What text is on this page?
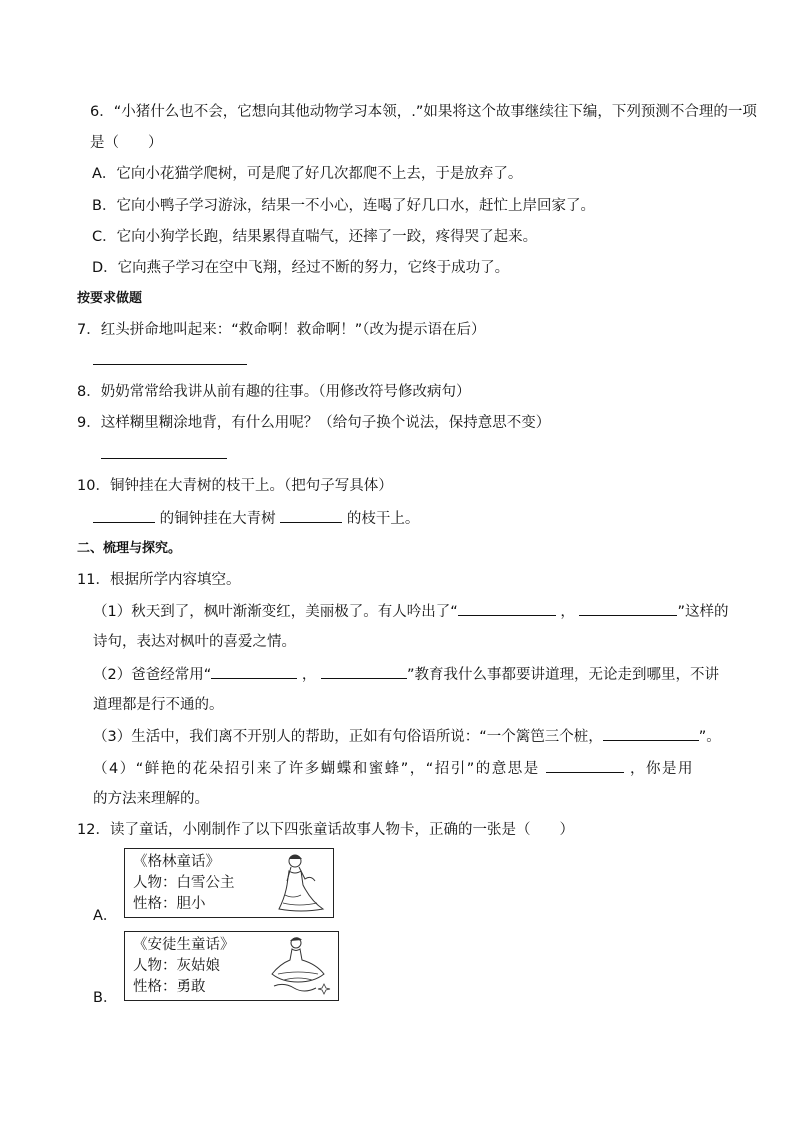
6．“小猪什么也不会，它想向其他动物学习本领，.”如果将这个故事继续往下编，下列预测不合理的一项
是（　　）
A．它向小花猫学爬树，可是爬了好几次都爬不上去，于是放弃了。
B．它向小鸭子学习游泳，结果一不小心，连喝了好几口水，赶忙上岸回家了。
C．它向小狗学长跑，结果累得直喘气，还摔了一跤，疼得哭了起来。
D．它向燕子学习在空中飞翔，经过不断的努力，它终于成功了。
按要求做题
7．红头拼命地叫起来：“救命啊！救命啊！”（改为提示语在后）
8．奶奶常常给我讲从前有趣的往事。（用修改符号修改病句）
9．这样糊里糊涂地背，有什么用呢？（给句子换个说法，保持意思不变）
10．铜钟挂在大青树的枝干上。（把句子写具体）
的铜钟挂在大青树	的枝干上。
二、梳理与探究。
11．根据所学内容填空。
（1）秋天到了，枫叶渐渐变红，美丽极了。有人吟出了“	，	”这样的
诗句，表达对枫叶的喜爱之情。
（2）爸爸经常用“	，	”教育我什么事都要讲道理，无论走到哪里，不讲
道理都是行不通的。
（3）生活中，我们离不开别人的帮助，正如有句俗语所说：“一个篱笆三个桩，	”。
（4）“鲜艳的花朵招引来了许多蝴蝶和蜜蜂”，“招引”的意思是	，你是用
的方法来理解的。
12．读了童话，小刚制作了以下四张童话故事人物卡，正确的一张是（　　）
A．
《格林童话》
人物：白雪公主
性格：胆小
B．
《安徒生童话》
人物：灰姑娘
性格：勇敢
